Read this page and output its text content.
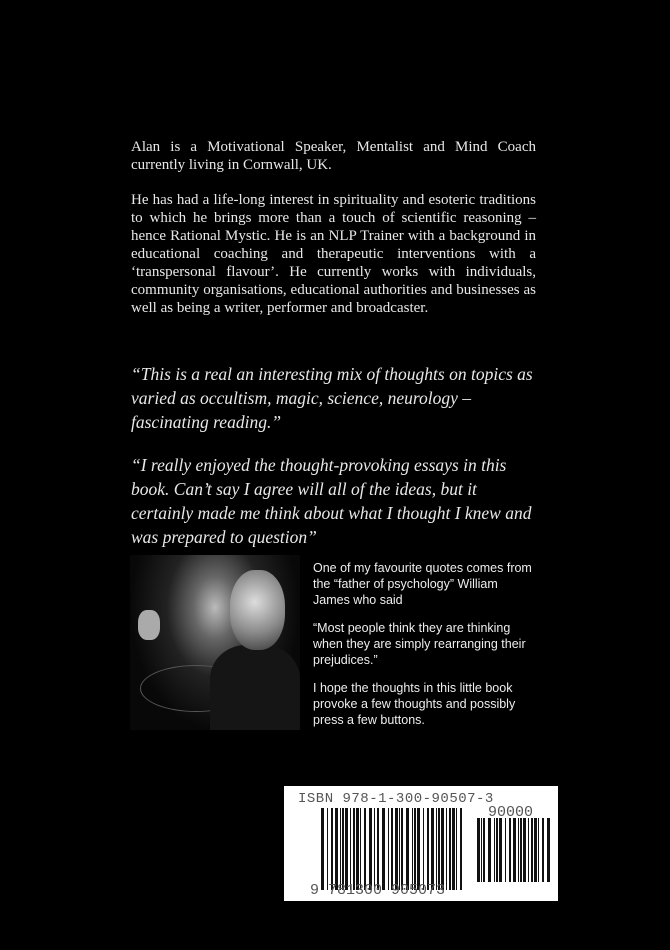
Alan is a Motivational Speaker, Mentalist and Mind Coach currently living in Cornwall, UK.

He has had a life-long interest in spirituality and esoteric traditions to which he brings more than a touch of scientific reasoning – hence Rational Mystic. He is an NLP Trainer with a background in educational coaching and therapeutic interventions with a ‘transpersonal flavour’. He currently works with individuals, community organisations, educational authorities and businesses as well as being a writer, performer and broadcaster.

“This is a real an interesting mix of thoughts on topics as varied as occultism, magic, science, neurology – fascinating reading.”
“I really enjoyed the thought-provoking essays in this book. Can’t say I agree will all of the ideas, but it certainly made me think about what I thought I knew and was prepared to question”

One of my favourite quotes comes from the “father of psychology” William James who said

“Most people think they are thinking when they are simply rearranging their prejudices.”

I hope the thoughts in this little book provoke a few thoughts and possibly press a few buttons.

ISBN 978-1-300-90507-3
90000
9 781300 905073
